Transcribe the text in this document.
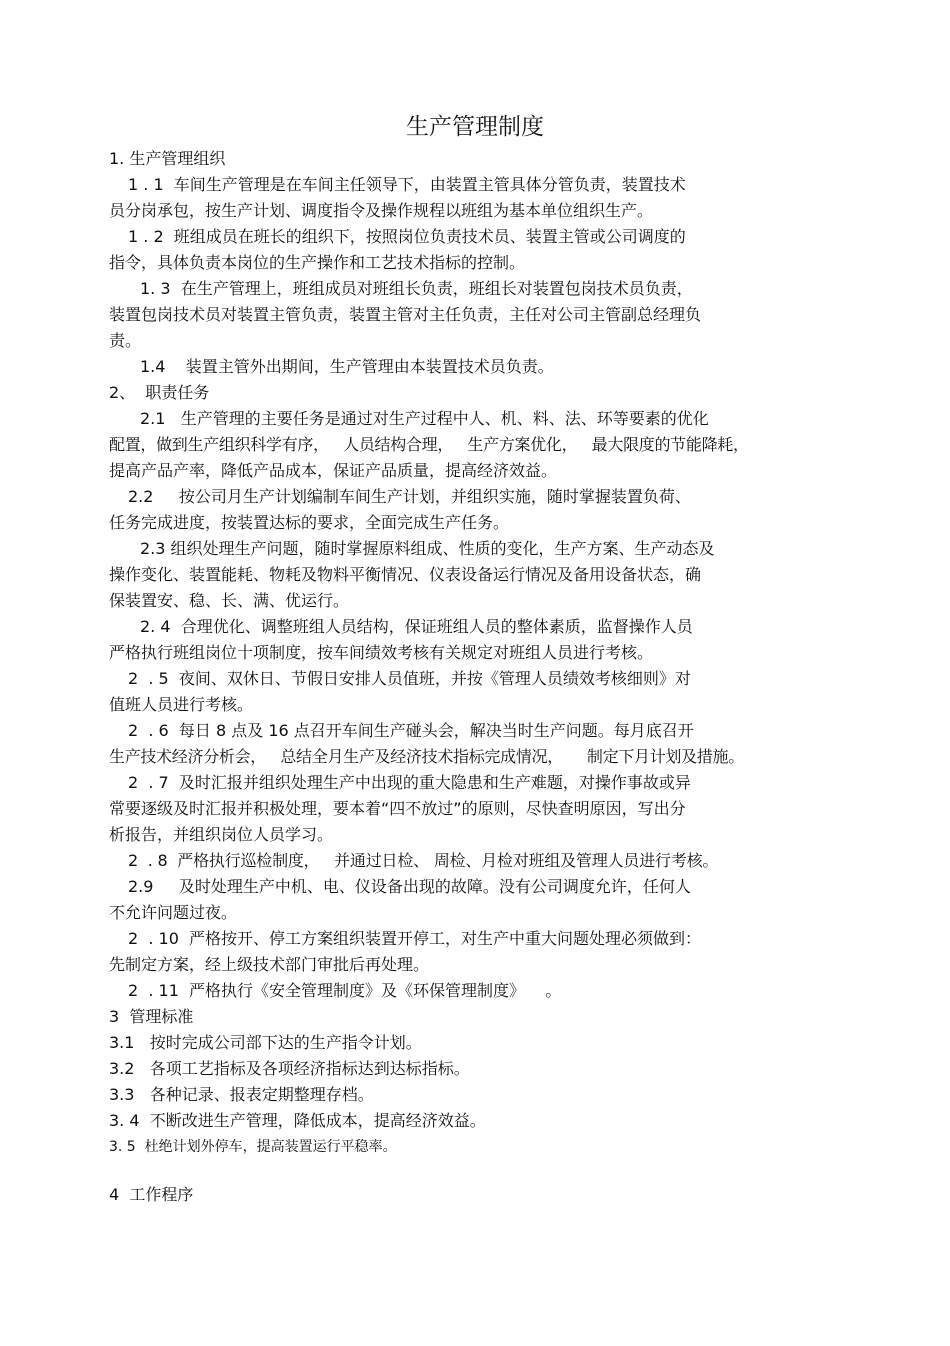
生产管理制度
1. 生产管理组织
1 . 1  车间生产管理是在车间主任领导下，由装置主管具体分管负责，装置技术
员分岗承包，按生产计划、调度指令及操作规程以班组为基本单位组织生产。
1 . 2  班组成员在班长的组织下，按照岗位负责技术员、装置主管或公司调度的
指令，具体负责本岗位的生产操作和工艺技术指标的控制。
1. 3  在生产管理上，班组成员对班组长负责，班组长对装置包岗技术员负责，
装置包岗技术员对装置主管负责，装置主管对主任负责，主任对公司主管副总经理负
责。
1.4    装置主管外出期间，生产管理由本装置技术员负责。
2、  职责任务
2.1   生产管理的主要任务是通过对生产过程中人、机、料、法、环等要素的优化
配置，做到生产组织科学有序，   人员结构合理，   生产方案优化，   最大限度的节能降耗，
提高产品产率，降低产品成本，保证产品质量，提高经济效益。
2.2     按公司月生产计划编制车间生产计划，并组织实施，随时掌握装置负荷、
任务完成进度，按装置达标的要求，全面完成生产任务。
2.3 组织处理生产问题，随时掌握原料组成、性质的变化，生产方案、生产动态及
操作变化、装置能耗、物耗及物料平衡情况、仪表设备运行情况及备用设备状态，确
保装置安、稳、长、满、优运行。
2. 4  合理优化、调整班组人员结构，保证班组人员的整体素质，监督操作人员
严格执行班组岗位十项制度，按车间绩效考核有关规定对班组人员进行考核。
2  . 5  夜间、双休日、节假日安排人员值班，并按《管理人员绩效考核细则》对
值班人员进行考核。
2  . 6  每日 8 点及 16 点召开车间生产碰头会，解决当时生产问题。每月底召开
生产技术经济分析会，   总结全月生产及经济技术指标完成情况，     制定下月计划及措施。
2  . 7  及时汇报并组织处理生产中出现的重大隐患和生产难题，对操作事故或异
常要逐级及时汇报并积极处理，要本着“四不放过”的原则，尽快查明原因，写出分
析报告，并组织岗位人员学习。
2  . 8  严格执行巡检制度，   并通过日检、 周检、月检对班组及管理人员进行考核。
2.9     及时处理生产中机、电、仪设备出现的故障。没有公司调度允许，任何人
不允许问题过夜。
2  . 10  严格按开、停工方案组织装置开停工，对生产中重大问题处理必须做到：
先制定方案，经上级技术部门审批后再处理。
2  . 11  严格执行《安全管理制度》及《环保管理制度》    。
3  管理标准
3.1   按时完成公司部下达的生产指令计划。
3.2   各项工艺指标及各项经济指标达到达标指标。
3.3   各种记录、报表定期整理存档。
3. 4  不断改进生产管理，降低成本，提高经济效益。
3. 5  杜绝计划外停车，提高装置运行平稳率。
4  工作程序
